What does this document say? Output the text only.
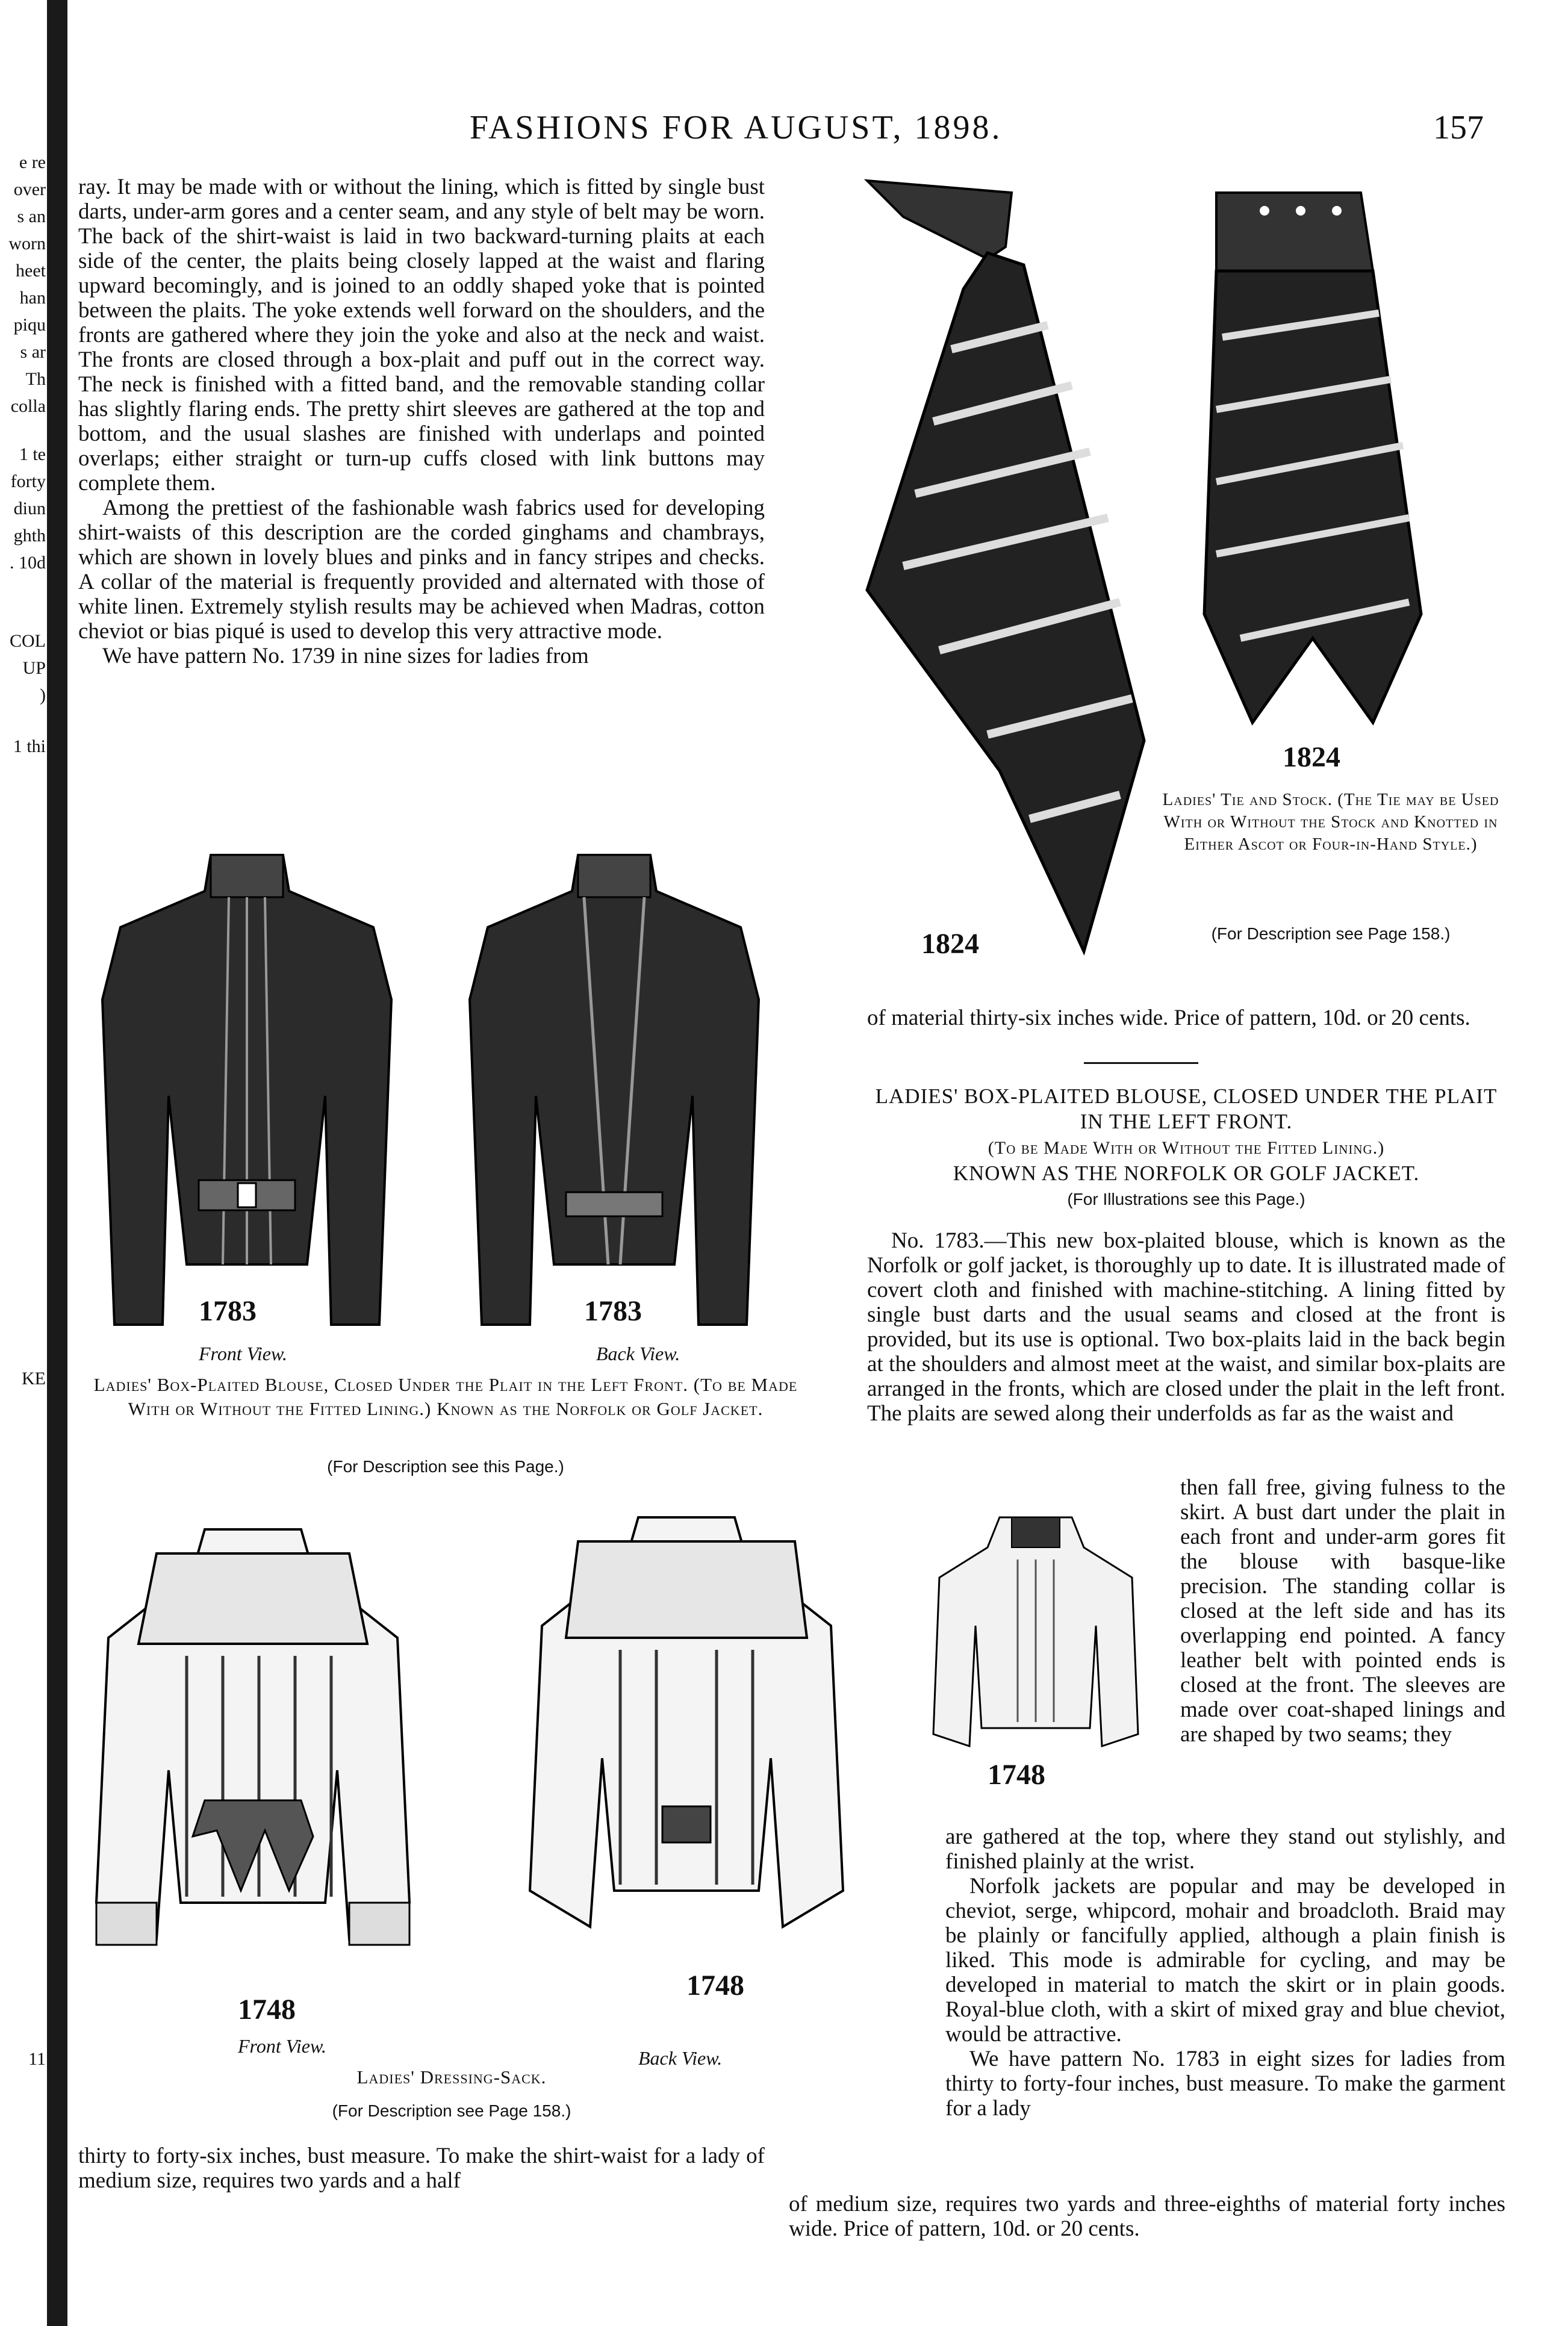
FASHIONS FOR AUGUST, 1898.	157
e re
over
s an
worn
heet
han
piqu
s ar
Th
colla
1 te
forty
diun
ghth
. 10d
COL
UP
)
1 thi
KE
11

ray. It may be made with or without the lining, which is fitted by single bust darts, under-arm gores and a center seam, and any style of belt may be worn. The back of the shirt-waist is laid in two backward-turning plaits at each side of the center, the plaits being closely lapped at the waist and flaring upward becomingly, and is joined to an oddly shaped yoke that is pointed between the plaits. The yoke extends well forward on the shoulders, and the fronts are gathered where they join the yoke and also at the neck and waist. The fronts are closed through a box-plait and puff out in the correct way. The neck is finished with a fitted band, and the removable standing collar has slightly flaring ends. The pretty shirt sleeves are gathered at the top and bottom, and the usual slashes are finished with underlaps and pointed overlaps; either straight or turn-up cuffs closed with link buttons may complete them.

Among the prettiest of the fashionable wash fabrics used for developing shirt-waists of this description are the corded ginghams and chambrays, which are shown in lovely blues and pinks and in fancy stripes and checks. A collar of the material is frequently provided and alternated with those of white linen. Extremely stylish results may be achieved when Madras, cotton cheviot or bias piqué is used to develop this very attractive mode.

We have pattern No. 1739 in nine sizes for ladies from

1783
Front View.
1783
Back View.
Ladies' Box-Plaited Blouse, Closed Under the Plait in the Left Front. (To be Made With or Without the Fitted Lining.) Known as the Norfolk or Golf Jacket.
(For Description see this Page.)
1748
Front View.
1748
Back View.
Ladies' Dressing-Sack.
(For Description see Page 158.)

thirty to forty-six inches, bust measure. To make the shirt-waist for a lady of medium size, requires two yards and a half

1824
1824
Ladies' Tie and Stock. (The Tie may be Used With or Without the Stock and Knotted in Either Ascot or Four-in-Hand Style.)
(For Description see Page 158.)

of material thirty-six inches wide. Price of pattern, 10d. or 20 cents.

LADIES' BOX-PLAITED BLOUSE, CLOSED UNDER THE PLAIT IN THE LEFT FRONT.
(To be Made With or Without the Fitted Lining.)
KNOWN AS THE NORFOLK OR GOLF JACKET.
(For Illustrations see this Page.)

No. 1783.—This new box-plaited blouse, which is known as the Norfolk or golf jacket, is thoroughly up to date. It is illustrated made of covert cloth and finished with machine-stitching. A lining fitted by single bust darts and the usual seams and closed at the front is provided, but its use is optional. Two box-plaits laid in the back begin at the shoulders and almost meet at the waist, and similar box-plaits are arranged in the fronts, which are closed under the plait in the left front. The plaits are sewed along their underfolds as far as the waist and

1748

then fall free, giving fulness to the skirt. A bust dart under the plait in each front and under-arm gores fit the blouse with basque-like precision. The standing collar is closed at the left side and has its overlapping end pointed. A fancy leather belt with pointed ends is closed at the front. The sleeves are made over coat-shaped linings and are shaped by two seams; they

are gathered at the top, where they stand out stylishly, and finished plainly at the wrist.

Norfolk jackets are popular and may be developed in cheviot, serge, whipcord, mohair and broadcloth. Braid may be plainly or fancifully applied, although a plain finish is liked. This mode is admirable for cycling, and may be developed in material to match the skirt or in plain goods. Royal-blue cloth, with a skirt of mixed gray and blue cheviot, would be attractive.

We have pattern No. 1783 in eight sizes for ladies from thirty to forty-four inches, bust measure. To make the garment for a lady

of medium size, requires two yards and three-eighths of material forty inches wide. Price of pattern, 10d. or 20 cents.
